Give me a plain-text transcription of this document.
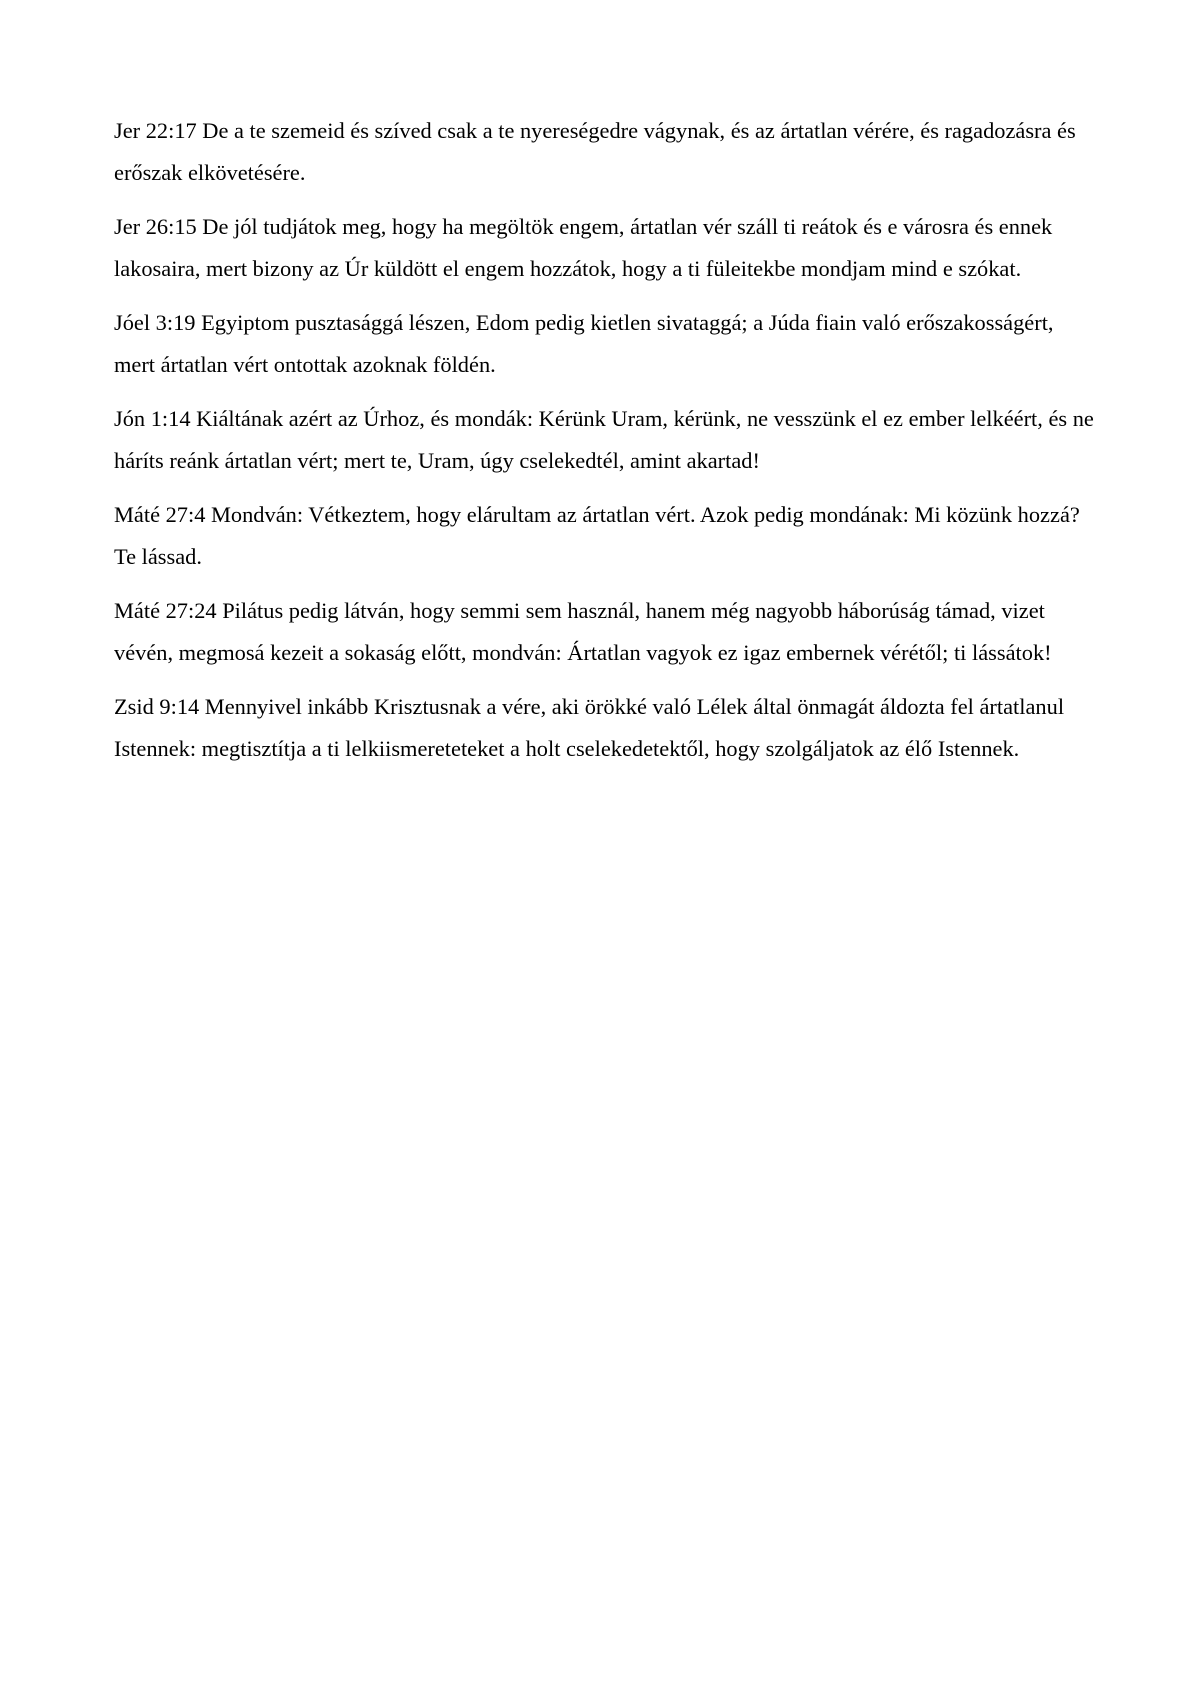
Jer 22:17 De a te szemeid és szíved csak a te nyereségedre vágynak, és az ártatlan vérére, és ragadozásra és erőszak elkövetésére.

Jer 26:15 De jól tudjátok meg, hogy ha megöltök engem, ártatlan vér száll ti reátok és e városra és ennek lakosaira, mert bizony az Úr küldött el engem hozzátok, hogy a ti füleitekbe mondjam mind e szókat.

Jóel 3:19 Egyiptom pusztasággá lészen, Edom pedig kietlen sivataggá; a Júda fiain való erőszakosságért, mert ártatlan vért ontottak azoknak földén.

Jón 1:14 Kiáltának azért az Úrhoz, és mondák: Kérünk Uram, kérünk, ne vesszünk el ez ember lelkéért, és ne háríts reánk ártatlan vért; mert te, Uram, úgy cselekedtél, amint akartad!

Máté 27:4 Mondván: Vétkeztem, hogy elárultam az ártatlan vért. Azok pedig mondának: Mi közünk hozzá? Te lássad.

Máté 27:24 Pilátus pedig látván, hogy semmi sem használ, hanem még nagyobb háborúság támad, vizet vévén, megmosá kezeit a sokaság előtt, mondván: Ártatlan vagyok ez igaz embernek vérétől; ti lássátok!

Zsid 9:14 Mennyivel inkább Krisztusnak a vére, aki örökké való Lélek által önmagát áldozta fel ártatlanul Istennek: megtisztítja a ti lelkiismereteteket a holt cselekedetektől, hogy szolgáljatok az élő Istennek.
